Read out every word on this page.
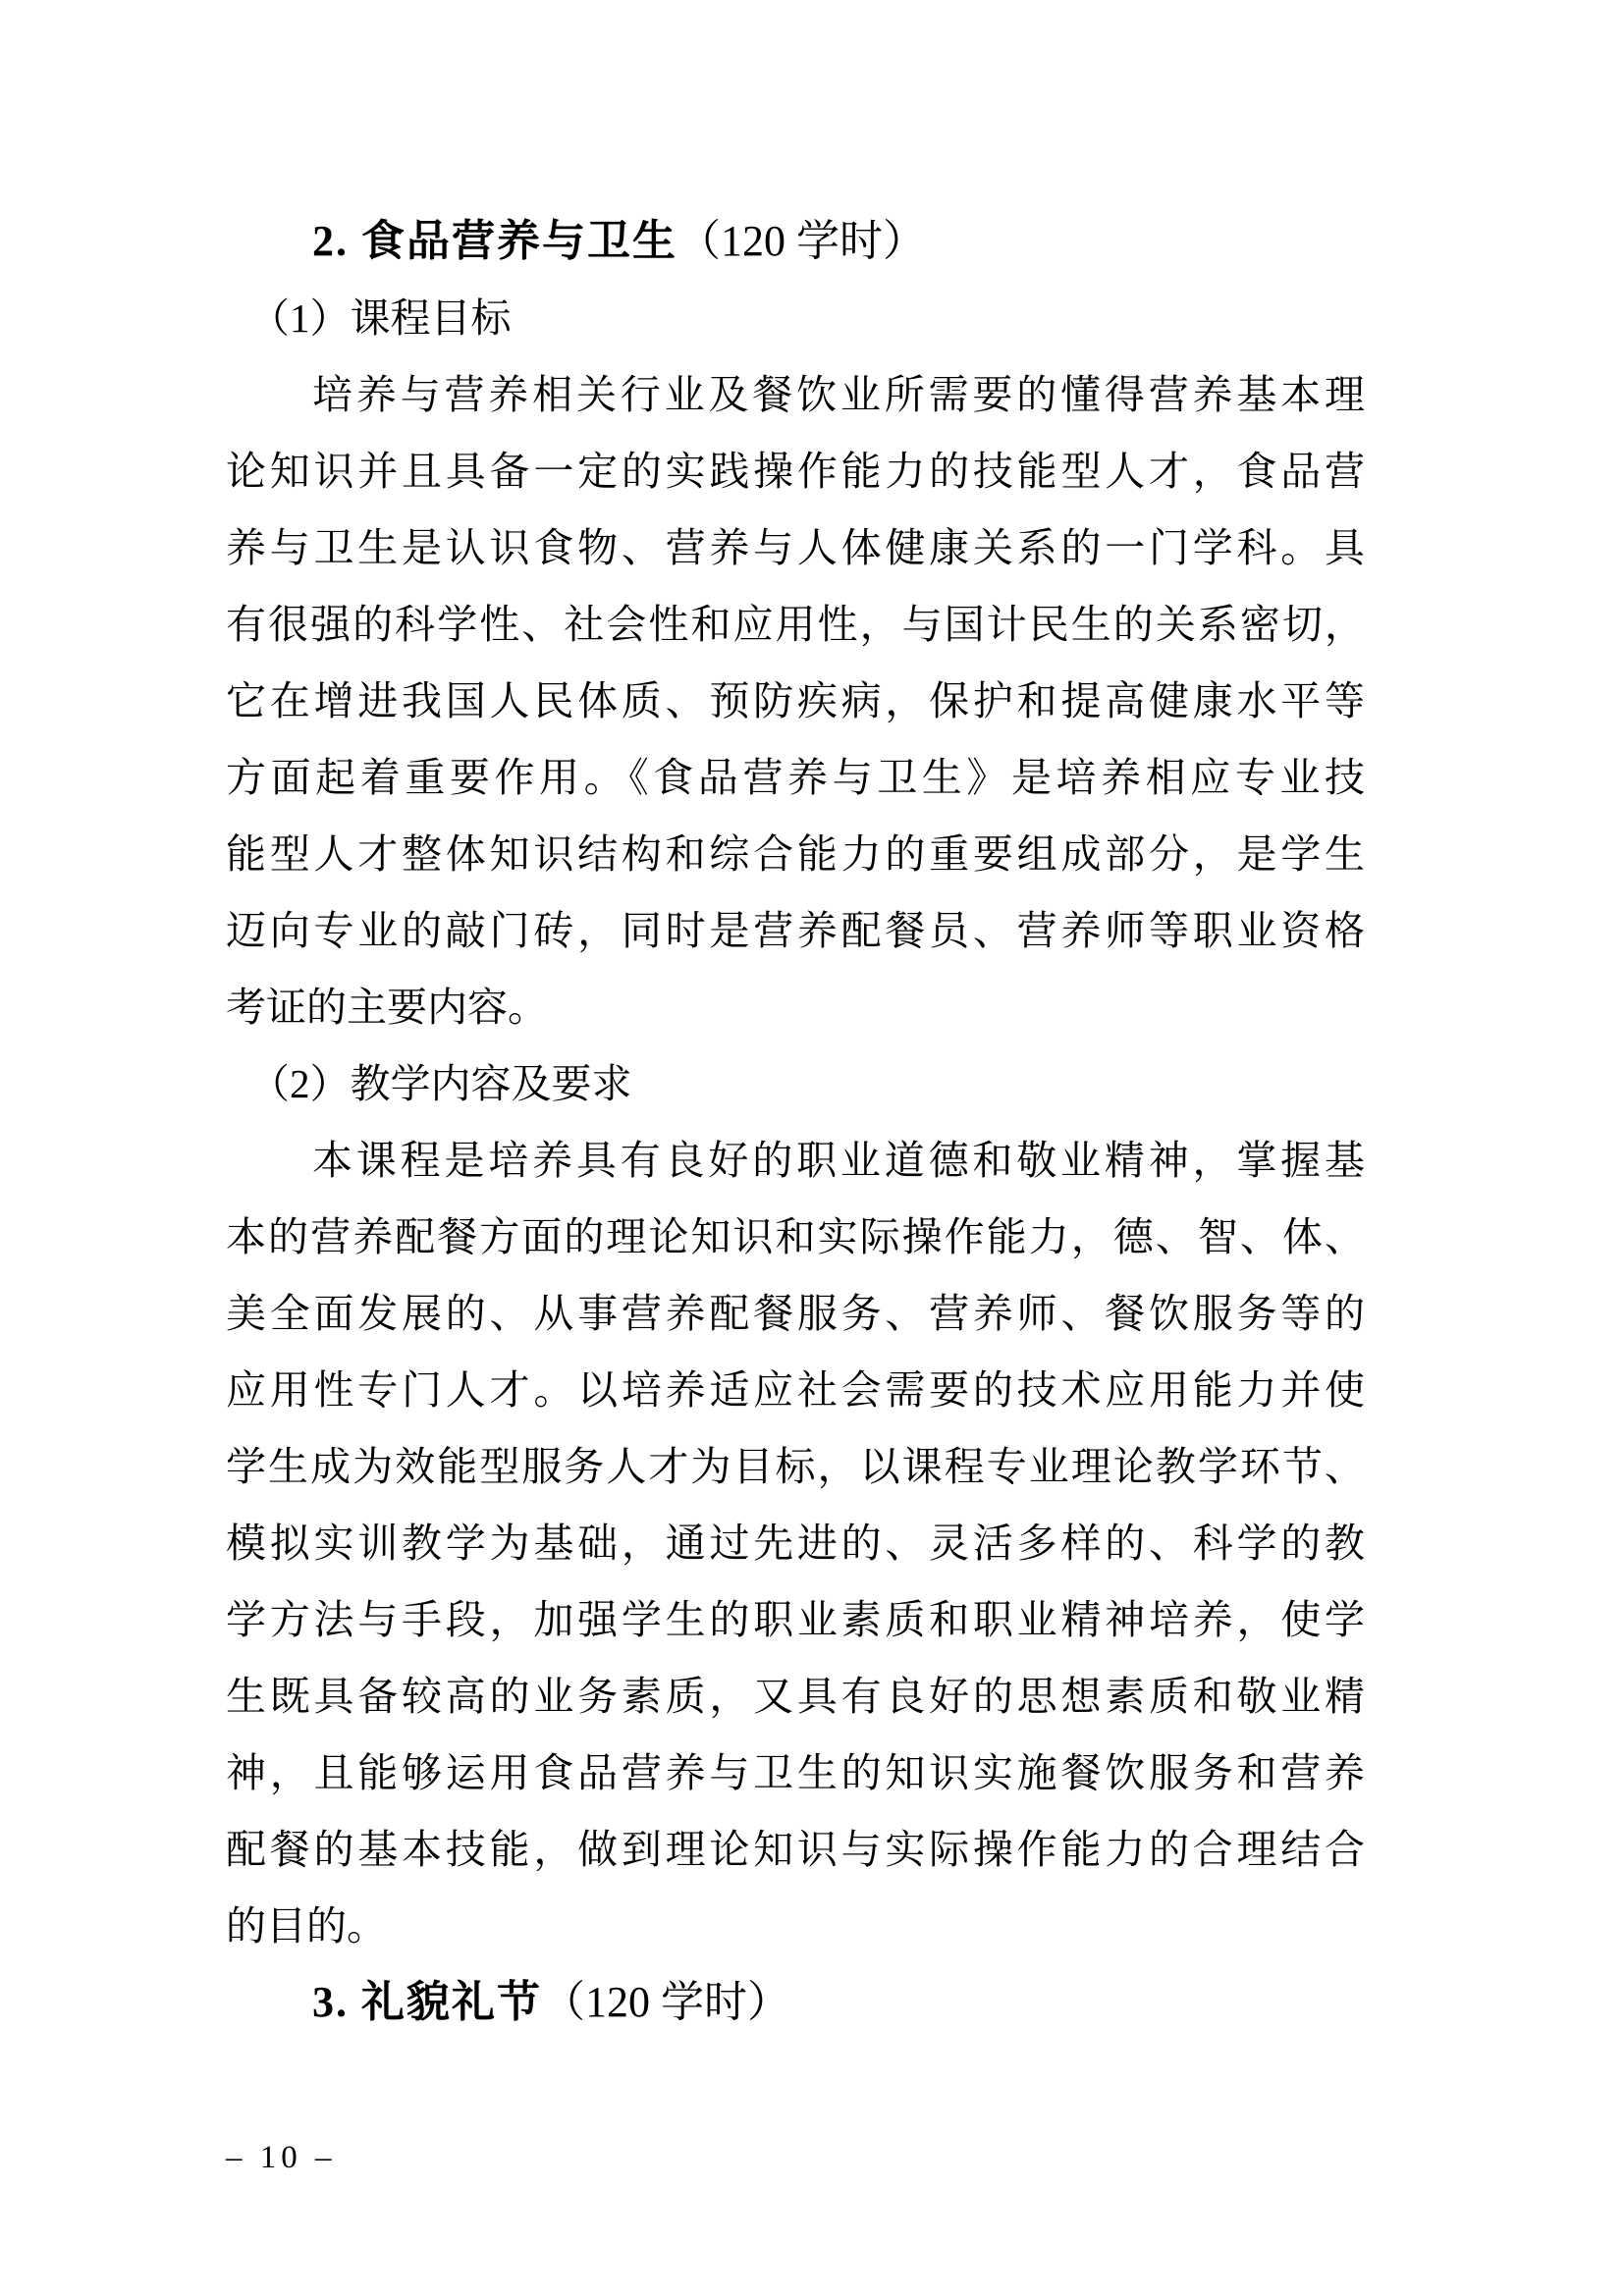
2. 食品营养与卫生（120 学时）
（1）课程目标
培养与营养相关行业及餐饮业所需要的懂得营养基本理
论知识并且具备一定的实践操作能力的技能型人才，食品营
养与卫生是认识食物、营养与人体健康关系的一门学科。具
有很强的科学性、社会性和应用性，与国计民生的关系密切，
它在增进我国人民体质、预防疾病，保护和提高健康水平等
方面起着重要作用。《食品营养与卫生》是培养相应专业技
能型人才整体知识结构和综合能力的重要组成部分，是学生
迈向专业的敲门砖，同时是营养配餐员、营养师等职业资格
考证的主要内容。
（2）教学内容及要求
本课程是培养具有良好的职业道德和敬业精神，掌握基
本的营养配餐方面的理论知识和实际操作能力，德、智、体、
美全面发展的、从事营养配餐服务、营养师、餐饮服务等的
应用性专门人才。以培养适应社会需要的技术应用能力并使
学生成为效能型服务人才为目标，以课程专业理论教学环节、
模拟实训教学为基础，通过先进的、灵活多样的、科学的教
学方法与手段，加强学生的职业素质和职业精神培养，使学
生既具备较高的业务素质，又具有良好的思想素质和敬业精
神，且能够运用食品营养与卫生的知识实施餐饮服务和营养
配餐的基本技能，做到理论知识与实际操作能力的合理结合
的目的。
3. 礼貌礼节（120 学时）
– 10 –
